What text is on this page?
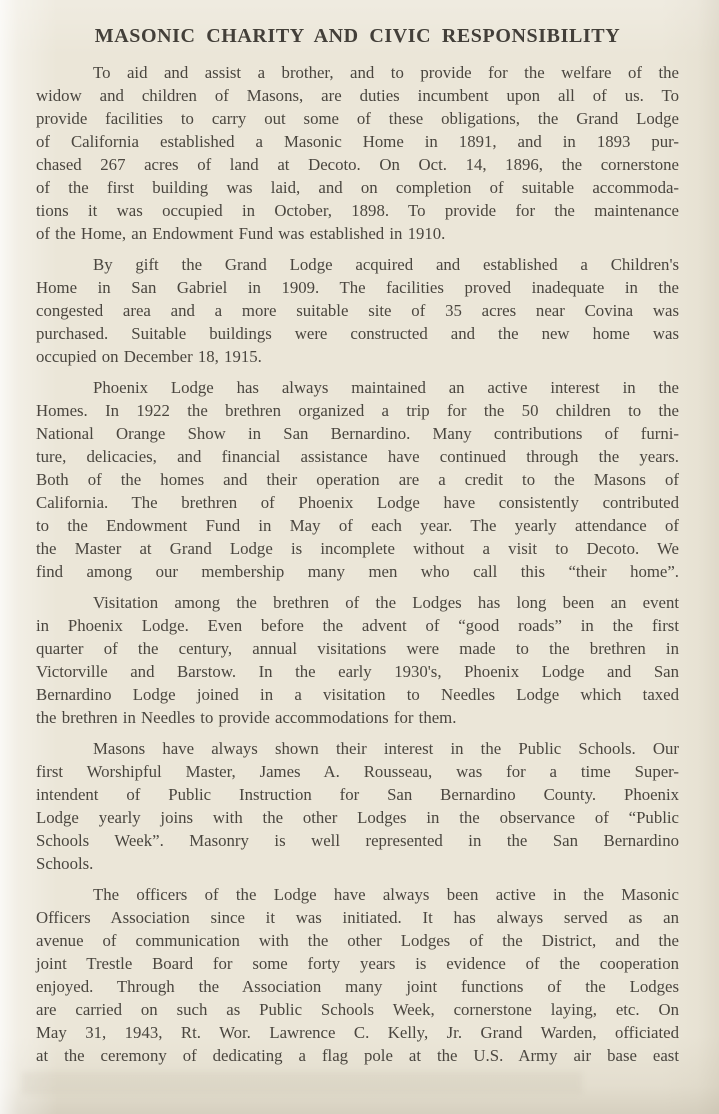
MASONIC CHARITY AND CIVIC RESPONSIBILITY
To aid and assist a brother, and to provide for the welfare of the
widow and children of Masons, are duties incumbent upon all of us. To
provide facilities to carry out some of these obligations, the Grand Lodge
of California established a Masonic Home in 1891, and in 1893 pur-
chased 267 acres of land at Decoto. On Oct. 14, 1896, the cornerstone
of the first building was laid, and on completion of suitable accommoda-
tions it was occupied in October, 1898. To provide for the maintenance
of the Home, an Endowment Fund was established in 1910.
By gift the Grand Lodge acquired and established a Children's
Home in San Gabriel in 1909. The facilities proved inadequate in the
congested area and a more suitable site of 35 acres near Covina was
purchased. Suitable buildings were constructed and the new home was
occupied on December 18, 1915.
Phoenix Lodge has always maintained an active interest in the
Homes. In 1922 the brethren organized a trip for the 50 children to the
National Orange Show in San Bernardino. Many contributions of furni-
ture, delicacies, and financial assistance have continued through the years.
Both of the homes and their operation are a credit to the Masons of
California. The brethren of Phoenix Lodge have consistently contributed
to the Endowment Fund in May of each year. The yearly attendance of
the Master at Grand Lodge is incomplete without a visit to Decoto. We
find among our membership many men who call this “their home”.
Visitation among the brethren of the Lodges has long been an event
in Phoenix Lodge. Even before the advent of “good roads” in the first
quarter of the century, annual visitations were made to the brethren in
Victorville and Barstow. In the early 1930's, Phoenix Lodge and San
Bernardino Lodge joined in a visitation to Needles Lodge which taxed
the brethren in Needles to provide accommodations for them.
Masons have always shown their interest in the Public Schools. Our
first Worshipful Master, James A. Rousseau, was for a time Super-
intendent of Public Instruction for San Bernardino County. Phoenix
Lodge yearly joins with the other Lodges in the observance of “Public
Schools Week”. Masonry is well represented in the San Bernardino
Schools.
The officers of the Lodge have always been active in the Masonic
Officers Association since it was initiated. It has always served as an
avenue of communication with the other Lodges of the District, and the
joint Trestle Board for some forty years is evidence of the cooperation
enjoyed. Through the Association many joint functions of the Lodges
are carried on such as Public Schools Week, cornerstone laying, etc. On
May 31, 1943, Rt. Wor. Lawrence C. Kelly, Jr. Grand Warden, officiated
at the ceremony of dedicating a flag pole at the U.S. Army air base east
